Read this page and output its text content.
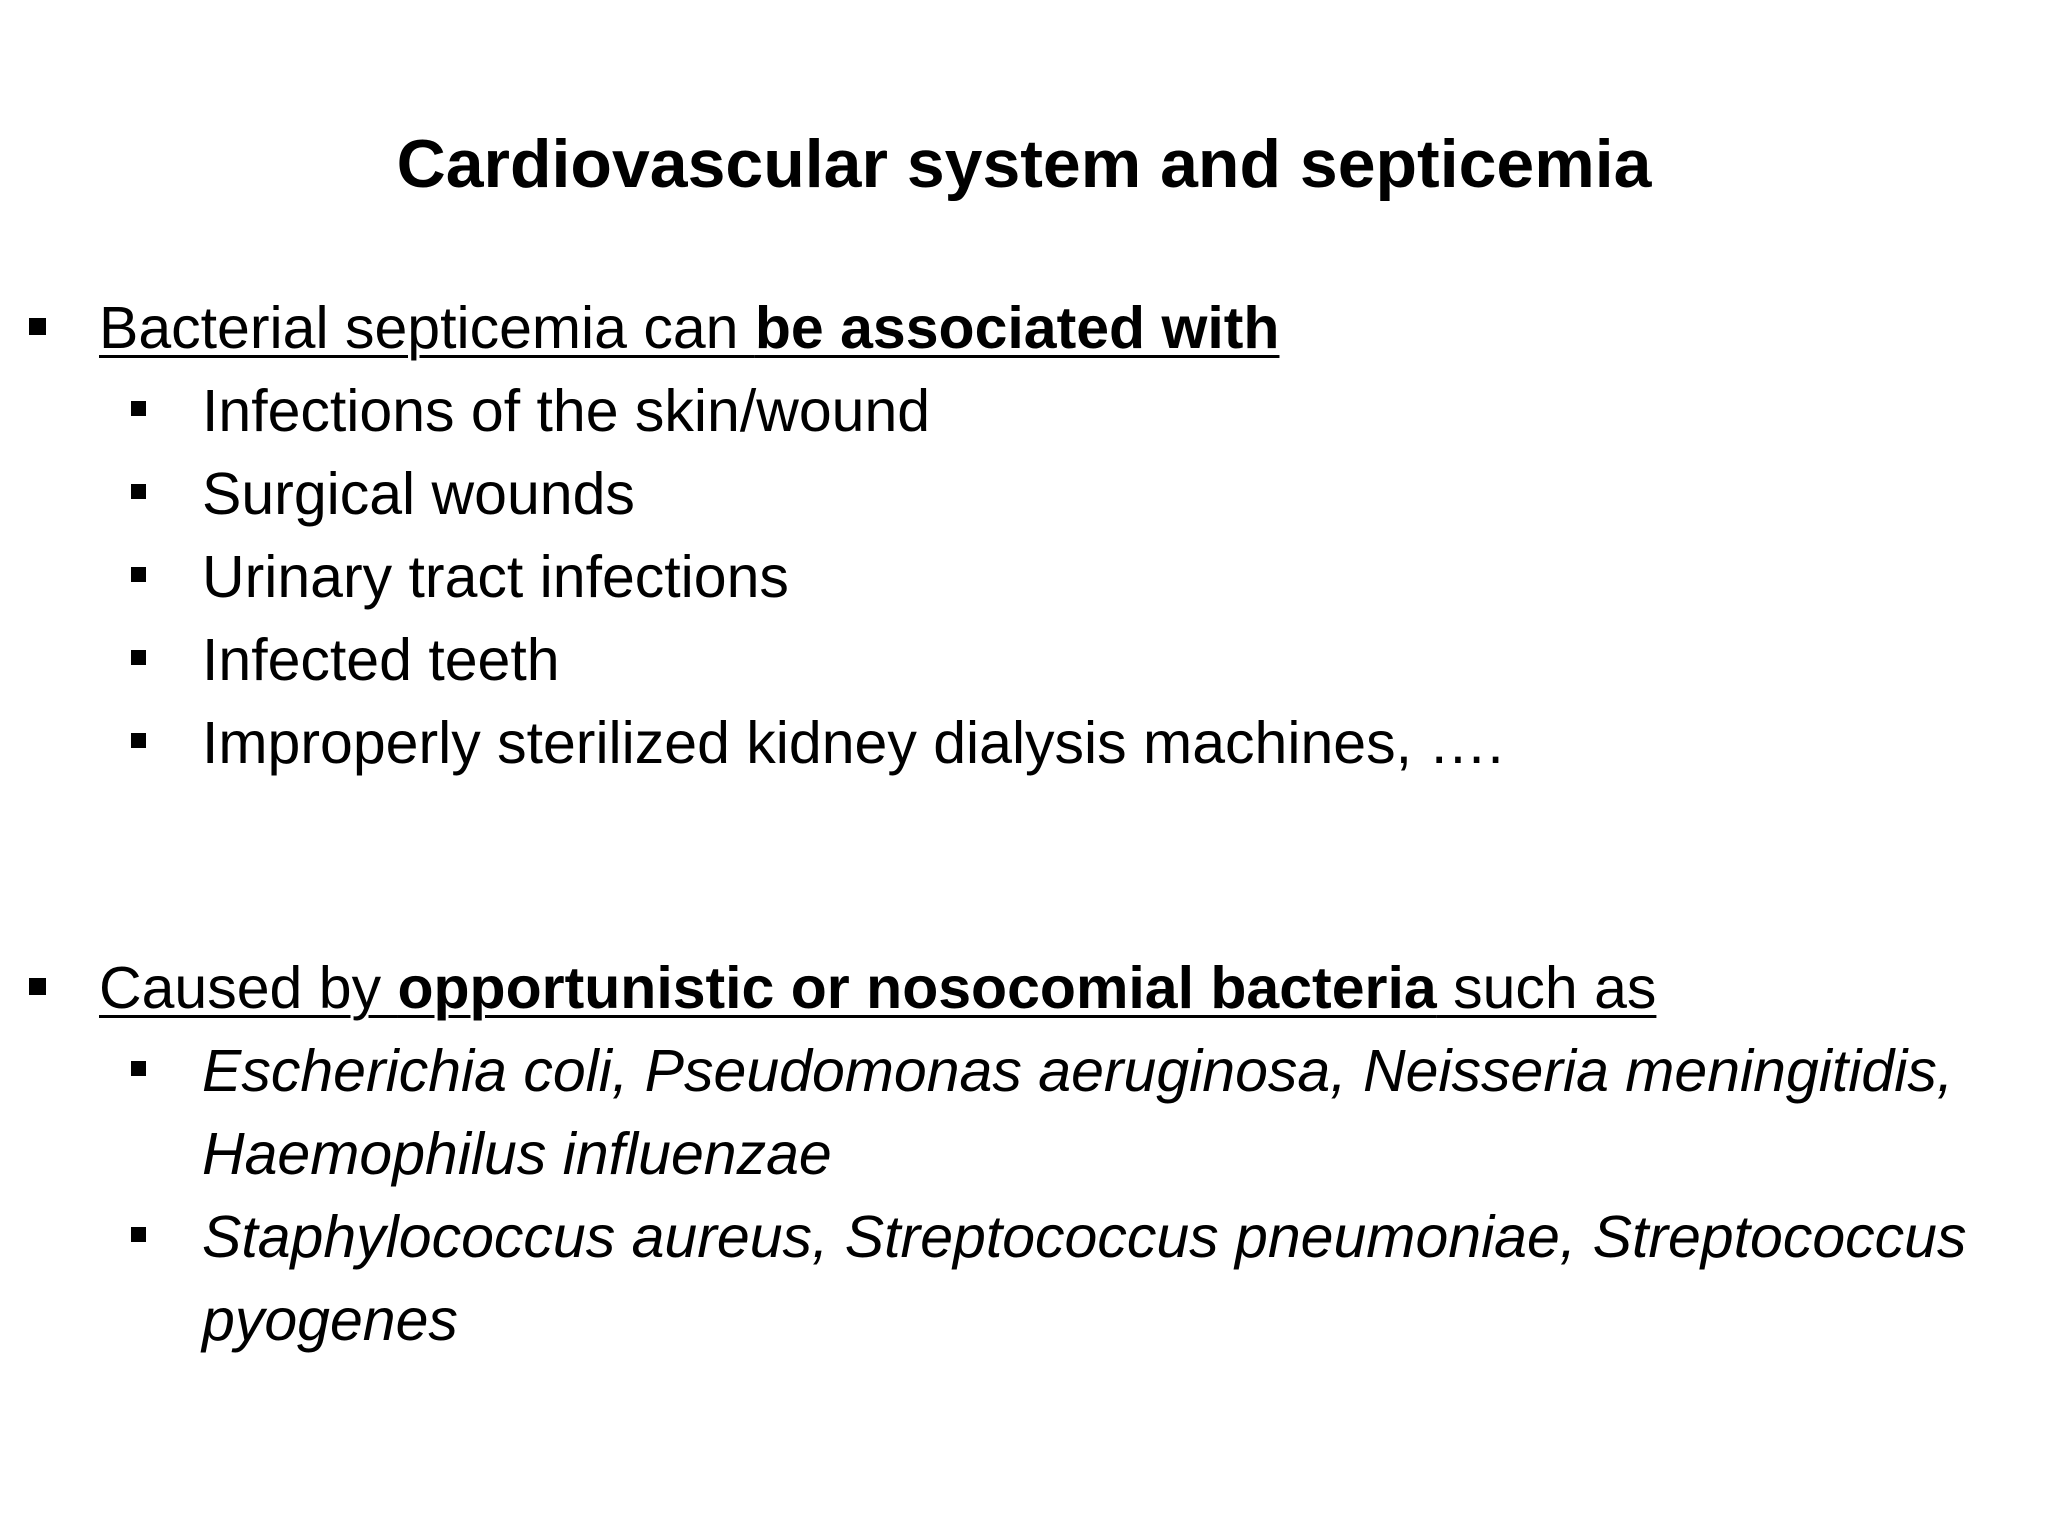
Cardiovascular system and septicemia
Bacterial septicemia can be associated with
Infections of the skin/wound
Surgical wounds
Urinary tract infections
Infected teeth
Improperly sterilized kidney dialysis machines, ….
Caused by opportunistic or nosocomial bacteria such as
Escherichia coli, Pseudomonas aeruginosa, Neisseria meningitidis, Haemophilus influenzae
Staphylococcus aureus, Streptococcus pneumoniae, Streptococcus pyogenes
